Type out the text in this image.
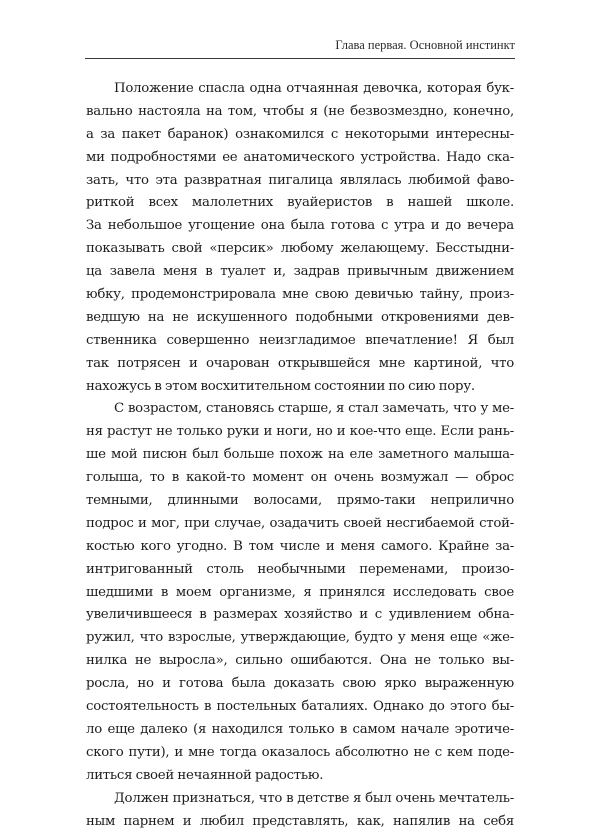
Глава первая. Основной инстинкт
Положение спасла одна отчаянная девочка, которая бук-
вально настояла на том, чтобы я (не безвозмездно, конечно,
а за пакет баранок) ознакомился с некоторыми интересны-
ми подробностями ее анатомического устройства. Надо ска-
зать, что эта развратная пигалица являлась любимой фаво-
риткой всех малолетних вуайеристов в нашей школе.
За небольшое угощение она была готова с утра и до вечера
показывать свой «персик» любому желающему. Бесстыдни-
ца завела меня в туалет и, задрав привычным движением
юбку, продемонстрировала мне свою девичью тайну, произ-
ведшую на не искушенного подобными откровениями дев-
ственника совершенно неизгладимое впечатление! Я был
так потрясен и очарован открывшейся мне картиной, что
нахожусь в этом восхитительном состоянии по сию пору.
С возрастом, становясь старше, я стал замечать, что у ме-
ня растут не только руки и ноги, но и кое-что еще. Если рань-
ше мой писюн был больше похож на еле заметного малыша-
голыша, то в какой-то момент он очень возмужал — оброс
темными, длинными волосами, прямо-таки неприлично
подрос и мог, при случае, озадачить своей несгибаемой стой-
костью кого угодно. В том числе и меня самого. Крайне за-
интригованный столь необычными переменами, произо-
шедшими в моем организме, я принялся исследовать свое
увеличившееся в размерах хозяйство и с удивлением обна-
ружил, что взрослые, утверждающие, будто у меня еще «же-
нилка не выросла», сильно ошибаются. Она не только вы-
росла, но и готова была доказать свою ярко выраженную
состоятельность в постельных баталиях. Однако до этого бы-
ло еще далеко (я находился только в самом начале эротиче-
ского пути), и мне тогда оказалось абсолютно не с кем поде-
литься своей нечаянной радостью.
Должен признаться, что в детстве я был очень мечтатель-
ным парнем и любил представлять, как, напялив на себя
